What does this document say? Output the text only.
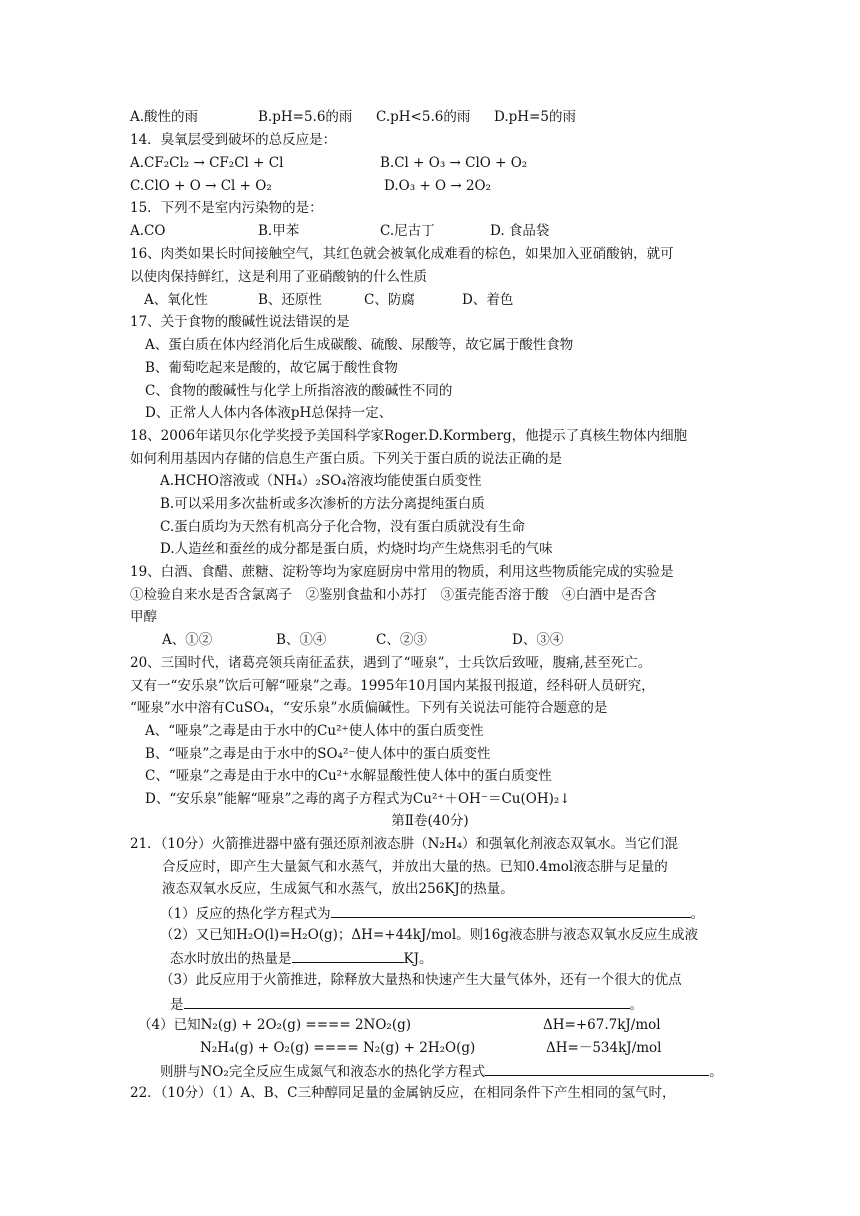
A.酸性的雨	B.pH=5.6的雨 C.pH<5.6的雨 D.pH=5的雨
14．臭氧层受到破坏的总反应是：
A.CF₂Cl₂ → CF₂Cl + Cl	B.Cl + O₃ → ClO + O₂
C.ClO + O → Cl + O₂	D.O₃ + O → 2O₂
15．下列不是室内污染物的是：
A.CO	B.甲苯	C.尼古丁	D. 食品袋
16、肉类如果长时间接触空气，其红色就会被氧化成难看的棕色，如果加入亚硝酸钠，就可
以使肉保持鲜红，这是利用了亚硝酸钠的什么性质
A、氧化性	B、还原性	C、防腐	D、着色
17、关于食物的酸碱性说法错误的是
A、蛋白质在体内经消化后生成碳酸、硫酸、尿酸等，故它属于酸性食物
B、葡萄吃起来是酸的，故它属于酸性食物
C、食物的酸碱性与化学上所指溶液的酸碱性不同的
D、正常人人体内各体液pH总保持一定、
18、2006年诺贝尔化学奖授予美国科学家Roger.D.Kormberg，他提示了真核生物体内细胞
如何利用基因内存储的信息生产蛋白质。下列关于蛋白质的说法正确的是
A.HCHO溶液或（NH₄）₂SO₄溶液均能使蛋白质变性
B.可以采用多次盐析或多次渗析的方法分离提纯蛋白质
C.蛋白质均为天然有机高分子化合物，没有蛋白质就没有生命
D.人造丝和蚕丝的成分都是蛋白质，灼烧时均产生烧焦羽毛的气味
19、白酒、食醋、蔗糖、淀粉等均为家庭厨房中常用的物质，利用这些物质能完成的实验是
①检验自来水是否含氯离子　②鉴别食盐和小苏打　③蛋壳能否溶于酸　④白酒中是否含
甲醇
A、①②	B、①④	C、②③	D、③④
20、三国时代，诸葛亮领兵南征孟获，遇到了“哑泉”，士兵饮后致哑，腹痛,甚至死亡。
又有一“安乐泉”饮后可解“哑泉”之毒。1995年10月国内某报刊报道，经科研人员研究，
“哑泉”水中溶有CuSO₄，“安乐泉”水质偏碱性。下列有关说法可能符合题意的是
A、“哑泉”之毒是由于水中的Cu²⁺使人体中的蛋白质变性
B、“哑泉”之毒是由于水中的SO₄²⁻使人体中的蛋白质变性
C、“哑泉”之毒是由于水中的Cu²⁺水解显酸性使人体中的蛋白质变性
D、“安乐泉”能解“哑泉”之毒的离子方程式为Cu²⁺＋OH⁻＝Cu(OH)₂↓
第Ⅱ卷(40分)
21．（10分）火箭推进器中盛有强还原剂液态肼（N₂H₄）和强氧化剂液态双氧水。当它们混
合反应时，即产生大量氮气和水蒸气，并放出大量的热。已知0.4mol液态肼与足量的
液态双氧水反应，生成氮气和水蒸气，放出256KJ的热量。
（1）反应的热化学方程式为	。
（2）又已知H₂O(l)=H₂O(g)；ΔH=+44kJ/mol。则16g液态肼与液态双氧水反应生成液
态水时放出的热量是	KJ。
（3）此反应用于火箭推进，除释放大量热和快速产生大量气体外，还有一个很大的优点
是	。
（4）已知N₂(g) + 2O₂(g) ==== 2NO₂(g)	ΔH=+67.7kJ/mol
N₂H₄(g) + O₂(g) ==== N₂(g) + 2H₂O(g)	ΔH=－534kJ/mol
则肼与NO₂完全反应生成氮气和液态水的热化学方程式	。
22．（10分）（1）A、B、C三种醇同足量的金属钠反应，在相同条件下产生相同的氢气时，
